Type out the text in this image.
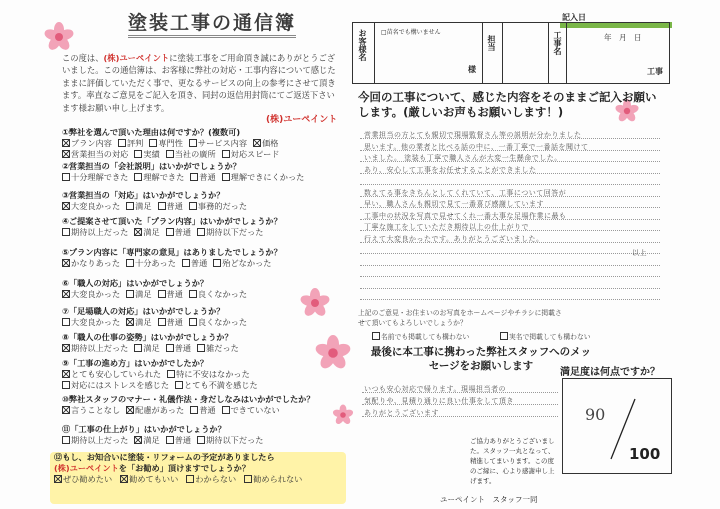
塗装工事の通信簿
この度は、(株)ユーペイントに塗装工事をご用命頂き誠にありがとうございました。この通信簿は、お客様に弊社の対応・工事内容について感じたままに評価していただく事で、更なるサービスの向上の参考にさせて頂きます。率直なご意見をご記入を頂き、同封の返信用封筒にてご返送下さいます様お願い申し上げます。
(株)ユーペイント
①弊社を選んで頂いた理由は何ですか？(複数可)
プラン内容 評判 専門性 サービス内容 価格
営業担当の対応 実績 当社の廣所 対応スピード
②営業担当の「会社説明」はいかがでしょうか？
十分理解できた 理解できた 普通 理解できにくかった
③営業担当の「対応」はいかがでしょうか？
大変良かった 満足 普通 事務的だった
④ご提案させて頂いた「プラン内容」はいかがでしょうか？
期待以上だった 満足 普通 期待以下だった
⑤プラン内容に「専門家の意見」はありましたでしょうか？
かなりあった 十分あった 普通 殆どなかった
⑥「職人の対応」はいかがでしょうか？
大変良かった 満足 普通 良くなかった
⑦「足場職人の対応」はいかがでしょうか？
大変良かった 満足 普通 良くなかった
⑧「職人の仕事の姿勢」はいかがでしょうか？
期待以上だった 満足 普通 雑だった
⑨「工事の進め方」はいかがでしたか？
とても安心していられた 特に不安はなかった
対応にはストレスを感じた とても不満を感じた
⑩弊社スタッフのマナー・礼儀作法・身だしなみはいかがでしたか？
言うことなし 配慮があった 普通 できていない
⑪「工事の仕上がり」はいかがでしょうか？
期待以上だった 満足 普通 期待以下だった
⑫もし、お知合いに塗装・リフォームの予定がありましたら
(株)ユーペイントを「お勧め」頂けますでしょうか？
ぜひ勧めたい 勧めてもいい わからない 勧められない
記入日
年　月　日
お客様名	□苗名でも構いません
様
担当	工事名
工事
今回の工事について、感じた内容をそのままご記入お願いします。(厳しいお声もお願いします！)
営業担当の方とても親切で現場監督さん等の説明が分かりました
思います。他の業者と比べる話の中に、一番丁寧で一番話を聞けて
いました。 塗装も丁寧で職人さんが大変一生懸命でした。
あり、安心して工事をお任せすることができました
数えてる事をきちんとしてくれていて、工事について回答が
早い、職人さんも親切で見て一番喜び感謝しています
工事中の状況を写真で見せてくれ一番大事な足場作業に最も
丁寧な施工をしていただき期待以上の仕上がりで
行えて大変良かったです。ありがとうございました。
以上
上記のご意見・お住まいのお写真をホームページやチラシに掲載させて頂いてもよろしいでしょうか？
名前でも掲載しても構わない	実名で掲載しても構わない
最後に本工事に携わった弊社スタッフへのメッセージをお願いします
いつも安心対応で帰ります。現場担当者の
気配りや、見積り通りに良い仕事をして頂き
ありがとうございます
満足度は何点ですか？
90
100
ご協力ありがとうございました。スタッフ一丸となって、精進してまいります。この度のご縁に、心より感謝申し上げます。
ユーペイント　スタッフ一同
